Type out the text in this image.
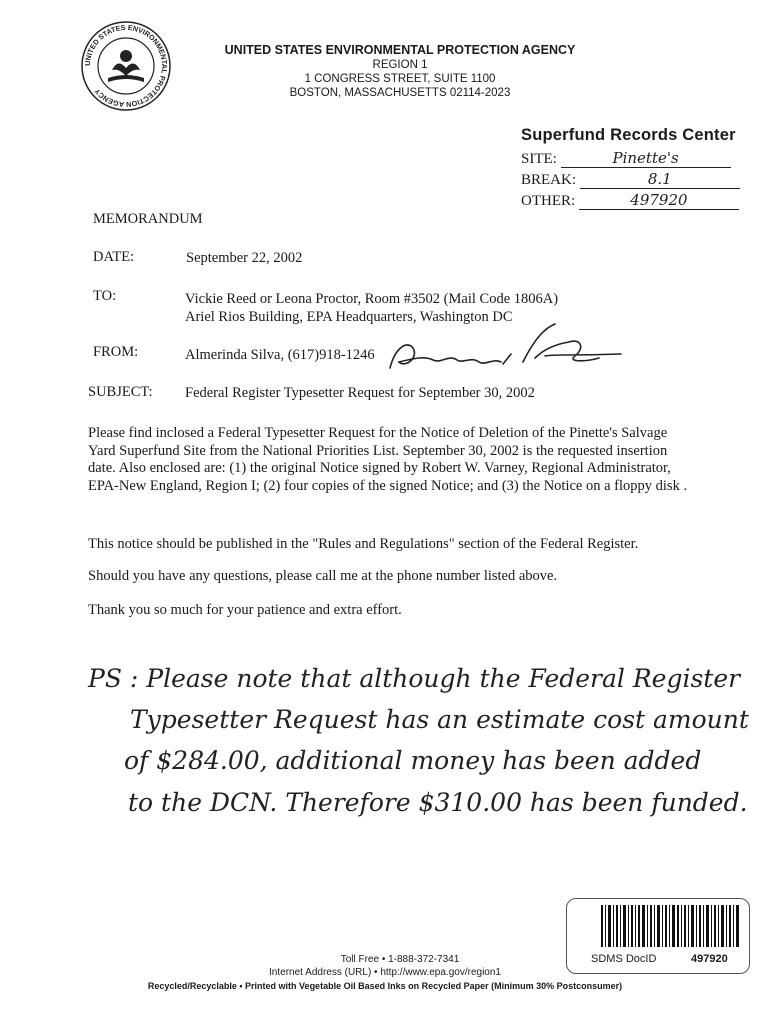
UNITED STATES ENVIRONMENTAL PROTECTION AGENCY
UNITED STATES ENVIRONMENTAL PROTECTION AGENCY
REGION 1
1 CONGRESS STREET, SUITE 1100
BOSTON, MASSACHUSETTS 02114-2023
Superfund Records Center
SITE:	Pinette's
BREAK:	8.1
OTHER:	497920
MEMORANDUM
DATE:	September 22, 2002
TO:	Vickie Reed or Leona Proctor, Room #3502 (Mail Code 1806A)
Ariel Rios Building, EPA Headquarters, Washington DC
FROM:	Almerinda Silva, (617)918-1246
SUBJECT: Federal Register Typesetter Request for September 30, 2002
Please find inclosed a Federal Typesetter Request for the Notice of Deletion of the Pinette's Salvage Yard Superfund Site from the National Priorities List. September 30, 2002 is the requested insertion date. Also enclosed are: (1) the original Notice signed by Robert W. Varney, Regional Administrator, EPA-New England, Region I; (2) four copies of the signed Notice; and (3) the Notice on a floppy disk .
This notice should be published in the "Rules and Regulations" section of the Federal Register.
Should you have any questions, please call me at the phone number listed above.
Thank you so much for your patience and extra effort.
PS : Please note that although the Federal Register
Typesetter Request has an estimate cost amount
of $284.00, additional money has been added
to the DCN. Therefore $310.00 has been funded.
SDMS DocID	497920
Toll Free • 1-888-372-7341
Internet Address (URL) • http://www.epa.gov/region1
Recycled/Recyclable • Printed with Vegetable Oil Based Inks on Recycled Paper (Minimum 30% Postconsumer)
